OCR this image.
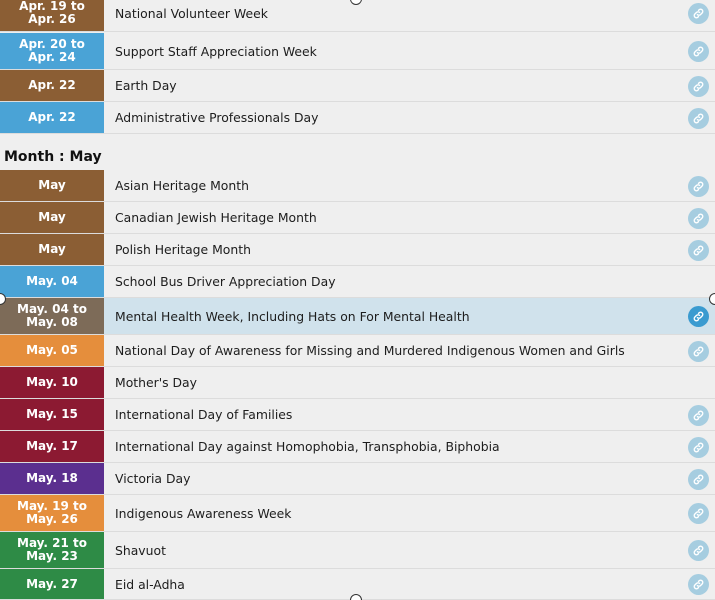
Apr. 19 to
Apr. 26	National Volunteer Week
Apr. 20 to
Apr. 24	Support Staff Appreciation Week
Apr. 22	Earth Day
Apr. 22	Administrative Professionals Day
Month : May
May	Asian Heritage Month
May	Canadian Jewish Heritage Month
May	Polish Heritage Month
May. 04	School Bus Driver Appreciation Day
May. 04 to
May. 08	Mental Health Week, Including Hats on For Mental Health
May. 05	National Day of Awareness for Missing and Murdered Indigenous Women and Girls
May. 10	Mother's Day
May. 15	International Day of Families
May. 17	International Day against Homophobia, Transphobia, Biphobia
May. 18	Victoria Day
May. 19 to
May. 26	Indigenous Awareness Week
May. 21 to
May. 23	Shavuot
May. 27	Eid al-Adha
